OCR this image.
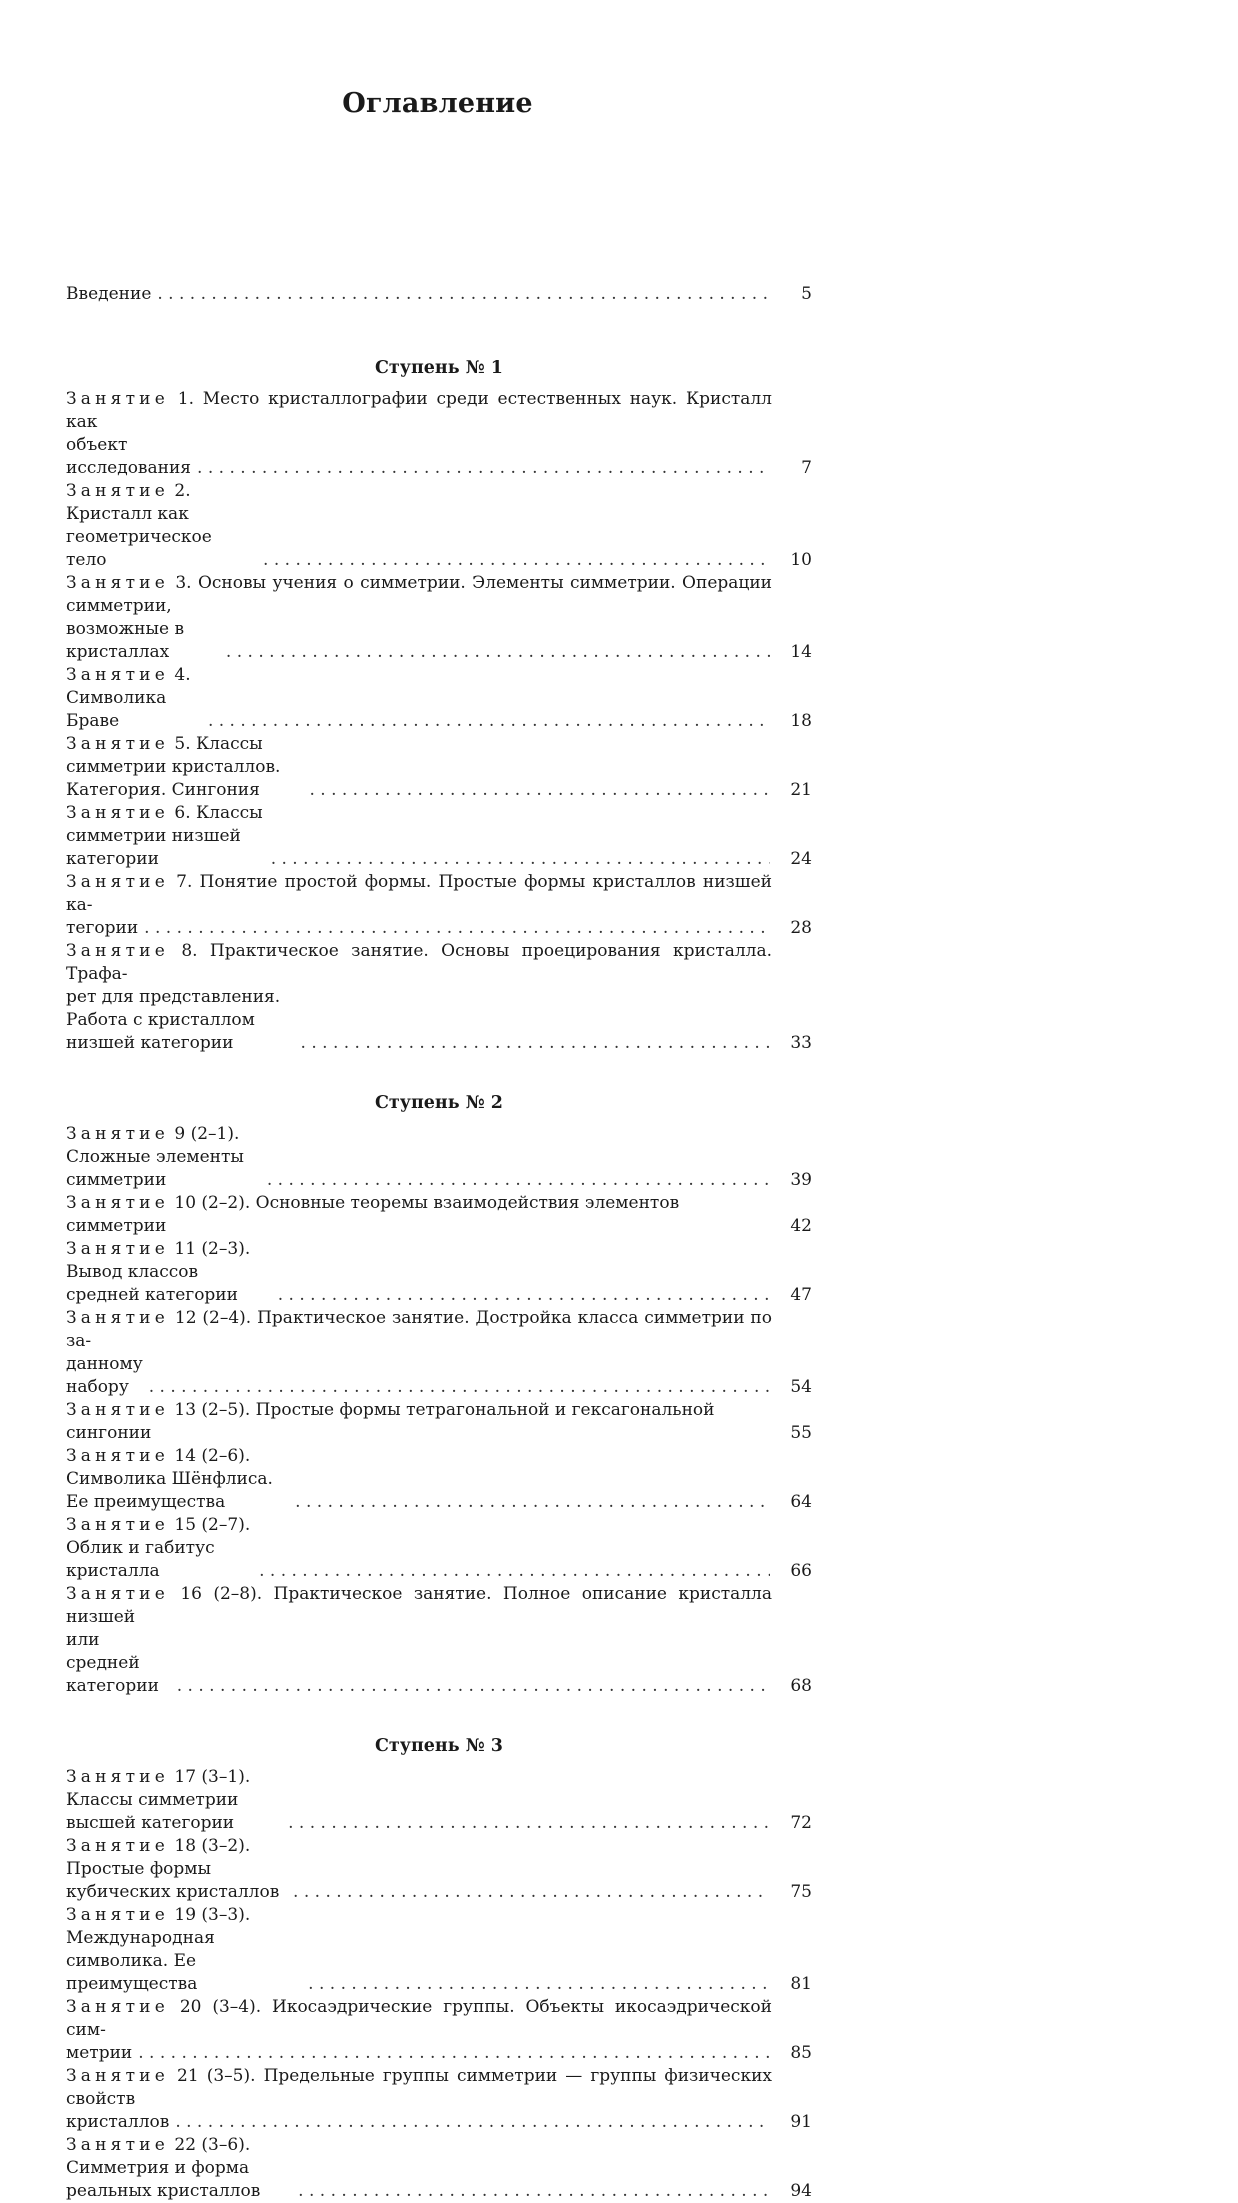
Оглавление
Введение . . .	5
Ступень № 1
Занятие 1. Место кристаллографии среди естественных наук. Кристалл как
объект исследования . . .	7
Занятие 2. Кристалл как геометрическое тело . . .	10
Занятие 3. Основы учения о симметрии. Элементы симметрии. Операции
симметрии, возможные в кристаллах . . .	14
Занятие 4. Символика Браве . . .	18
Занятие 5. Классы симметрии кристаллов. Категория. Сингония . . .	21
Занятие 6. Классы симметрии низшей категории . . .	24
Занятие 7. Понятие простой формы. Простые формы кристаллов низшей ка-
тегории . . .	28
Занятие 8. Практическое занятие. Основы проецирования кристалла. Трафа-
рет для представления. Работа с кристаллом низшей категории . . .	33
Ступень № 2
Занятие 9 (2–1). Сложные элементы симметрии . . .	39
Занятие 10 (2–2). Основные теоремы взаимодействия элементов симметрии	42
Занятие 11 (2–3). Вывод классов средней категории . . .	47
Занятие 12 (2–4). Практическое занятие. Достройка класса симметрии по за-
данному набору . . .	54
Занятие 13 (2–5). Простые формы тетрагональной и гексагональной сингонии	55
Занятие 14 (2–6). Символика Шёнфлиса. Ее преимущества . . .	64
Занятие 15 (2–7). Облик и габитус кристалла . . .	66
Занятие 16 (2–8). Практическое занятие. Полное описание кристалла низшей
или средней категории . . .	68
Ступень № 3
Занятие 17 (3–1). Классы симметрии высшей категории . . .	72
Занятие 18 (3–2). Простые формы кубических кристаллов . . .	75
Занятие 19 (3–3). Международная символика. Ее преимущества . . .	81
Занятие 20 (3–4). Икосаэдрические группы. Объекты икосаэдрической сим-
метрии . . .	85
Занятие 21 (3–5). Предельные группы симметрии — группы физических
свойств кристаллов . . .	91
Занятие 22 (3–6). Симметрия и форма реальных кристаллов . . .	94
